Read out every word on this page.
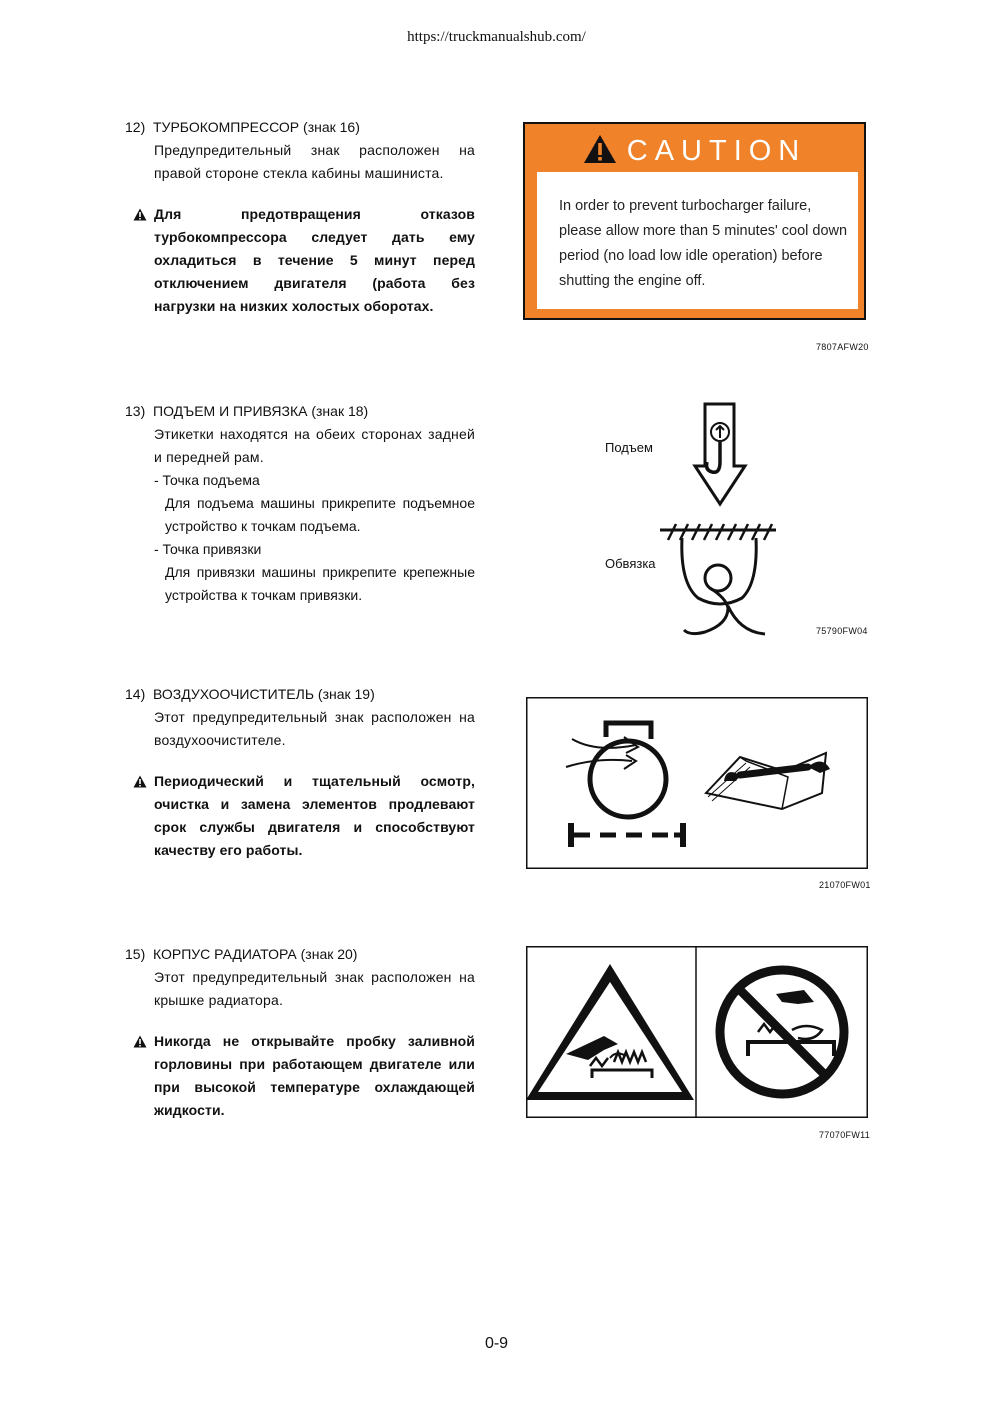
https://truckmanualshub.com/
12) ТУРБОКОМПРЕССОР (знак 16)
Предупредительный знак расположен на правой стороне стекла кабины машиниста.
Для предотвращения отказов турбокомпрессора следует дать ему охладиться в течение 5 минут перед отключением двигателя (работа без нагрузки на низких холостых оборотах.
CAUTION
In order to prevent turbocharger failure, please allow more than 5 minutes' cool down period (no load low idle operation) before shutting the engine off.
7807AFW20
13) ПОДЪЕМ И ПРИВЯЗКА (знак 18)
Этикетки находятся на обеих сторонах задней и передней рам.
- Точка подъема
Для подъема машины прикрепите подъемное устройство к точкам подъема.
- Точка привязки
Для привязки машины прикрепите крепежные устройства к точкам привязки.
Подъем
Обвязка
75790FW04
14) ВОЗДУХООЧИСТИТЕЛЬ (знак 19)
Этот предупредительный знак расположен на воздухоочистителе.
Периодический и тщательный осмотр, очистка и замена элементов продлевают срок службы двигателя и способствуют качеству его работы.
21070FW01
15) КОРПУС РАДИАТОРА (знак 20)
Этот предупредительный знак расположен на крышке радиатора.
Никогда не открывайте пробку заливной горловины при работающем двигателе или при высокой температуре охлаждающей жидкости.
77070FW11
0-9
